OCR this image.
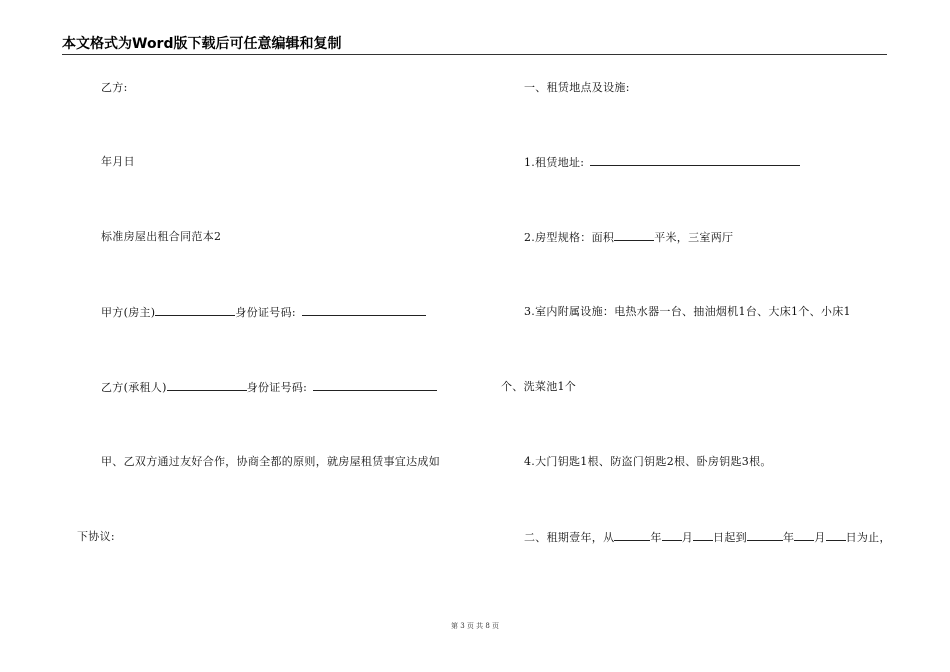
本文格式为Word版下载后可任意编辑和复制
乙方:
年月日
标准房屋出租合同范本2
甲方(房主)	身份证号码:
乙方(承租人)	身份证号码:
甲、乙双方通过友好合作，协商全都的原则，就房屋租赁事宜达成如
下协议:
一、租赁地点及设施:
1.租赁地址:
2.房型规格：面积	平米，三室两厅
3.室内附属设施：电热水器一台、抽油烟机1台、大床1个、小床1
个、洗菜池1个
4.大门钥匙1根、防盗门钥匙2根、卧房钥匙3根。
二、租期壹年，从	年 月 日起到	年 月 日为止，
第 3 页 共 8 页
